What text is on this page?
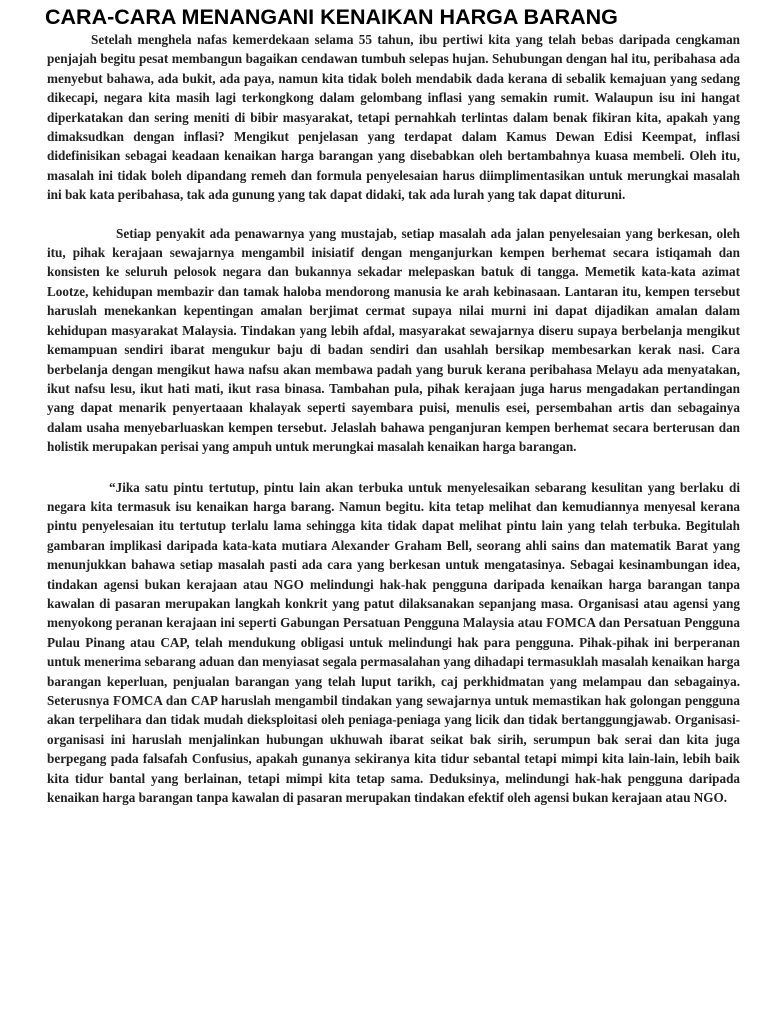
CARA-CARA MENANGANI KENAIKAN HARGA BARANG

Setelah menghela nafas kemerdekaan selama 55 tahun, ibu pertiwi kita yang telah bebas daripada cengkaman penjajah begitu pesat membangun bagaikan cendawan tumbuh selepas hujan. Sehubungan dengan hal itu, peribahasa ada menyebut bahawa, ada bukit, ada paya, namun kita tidak boleh mendabik dada kerana di sebalik kemajuan yang sedang dikecapi, negara kita masih lagi terkongkong dalam gelombang inflasi yang semakin rumit. Walaupun isu ini hangat diperkatakan dan sering meniti di bibir masyarakat, tetapi pernahkah terlintas dalam benak fikiran kita, apakah yang dimaksudkan dengan inflasi? Mengikut penjelasan yang terdapat dalam Kamus Dewan Edisi Keempat, inflasi didefinisikan sebagai keadaan kenaikan harga barangan yang disebabkan oleh bertambahnya kuasa membeli. Oleh itu, masalah ini tidak boleh dipandang remeh dan formula penyelesaian harus diimplimentasikan untuk merungkai masalah ini bak kata peribahasa, tak ada gunung yang tak dapat didaki, tak ada lurah yang tak dapat dituruni.

Setiap penyakit ada penawarnya yang mustajab, setiap masalah ada jalan penyelesaian yang berkesan, oleh itu, pihak kerajaan sewajarnya mengambil inisiatif dengan menganjurkan kempen berhemat secara istiqamah dan konsisten ke seluruh pelosok negara dan bukannya sekadar melepaskan batuk di tangga. Memetik kata-kata azimat Lootze, kehidupan membazir dan tamak haloba mendorong manusia ke arah kebinasaan. Lantaran itu, kempen tersebut haruslah menekankan kepentingan amalan berjimat cermat supaya nilai murni ini dapat dijadikan amalan dalam kehidupan masyarakat Malaysia. Tindakan yang lebih afdal, masyarakat sewajarnya diseru supaya berbelanja mengikut kemampuan sendiri ibarat mengukur baju di badan sendiri dan usahlah bersikap membesarkan kerak nasi. Cara berbelanja dengan mengikut hawa nafsu akan membawa padah yang buruk kerana peribahasa Melayu ada menyatakan, ikut nafsu lesu, ikut hati mati, ikut rasa binasa. Tambahan pula, pihak kerajaan juga harus mengadakan pertandingan yang dapat menarik penyertaaan khalayak seperti sayembara puisi, menulis esei, persembahan artis dan sebagainya dalam usaha menyebarluaskan kempen tersebut. Jelaslah bahawa penganjuran kempen berhemat secara berterusan dan holistik merupakan perisai yang ampuh untuk merungkai masalah kenaikan harga barangan.

“Jika satu pintu tertutup, pintu lain akan terbuka untuk menyelesaikan sebarang kesulitan yang berlaku di negara kita termasuk isu kenaikan harga barang. Namun begitu. kita tetap melihat dan kemudiannya menyesal kerana pintu penyelesaian itu tertutup terlalu lama sehingga kita tidak dapat melihat pintu lain yang telah terbuka. Begitulah gambaran implikasi daripada kata-kata mutiara Alexander Graham Bell, seorang ahli sains dan matematik Barat yang menunjukkan bahawa setiap masalah pasti ada cara yang berkesan untuk mengatasinya. Sebagai kesinambungan idea, tindakan agensi bukan kerajaan atau NGO melindungi hak-hak pengguna daripada kenaikan harga barangan tanpa kawalan di pasaran merupakan langkah konkrit yang patut dilaksanakan sepanjang masa. Organisasi atau agensi yang menyokong peranan kerajaan ini seperti Gabungan Persatuan Pengguna Malaysia atau FOMCA dan Persatuan Pengguna Pulau Pinang atau CAP, telah mendukung obligasi untuk melindungi hak para pengguna. Pihak-pihak ini berperanan untuk menerima sebarang aduan dan menyiasat segala permasalahan yang dihadapi termasuklah masalah kenaikan harga barangan keperluan, penjualan barangan yang telah luput tarikh, caj perkhidmatan yang melampau dan sebagainya. Seterusnya FOMCA dan CAP haruslah mengambil tindakan yang sewajarnya untuk memastikan hak golongan pengguna akan terpelihara dan tidak mudah dieksploitasi oleh peniaga-peniaga yang licik dan tidak bertanggungjawab. Organisasi-organisasi ini haruslah menjalinkan hubungan ukhuwah ibarat seikat bak sirih, serumpun bak serai dan kita juga berpegang pada falsafah Confusius, apakah gunanya sekiranya kita tidur sebantal tetapi mimpi kita lain-lain, lebih baik kita tidur bantal yang berlainan, tetapi mimpi kita tetap sama. Deduksinya, melindungi hak-hak pengguna daripada kenaikan harga barangan tanpa kawalan di pasaran merupakan tindakan efektif oleh agensi bukan kerajaan atau NGO.
